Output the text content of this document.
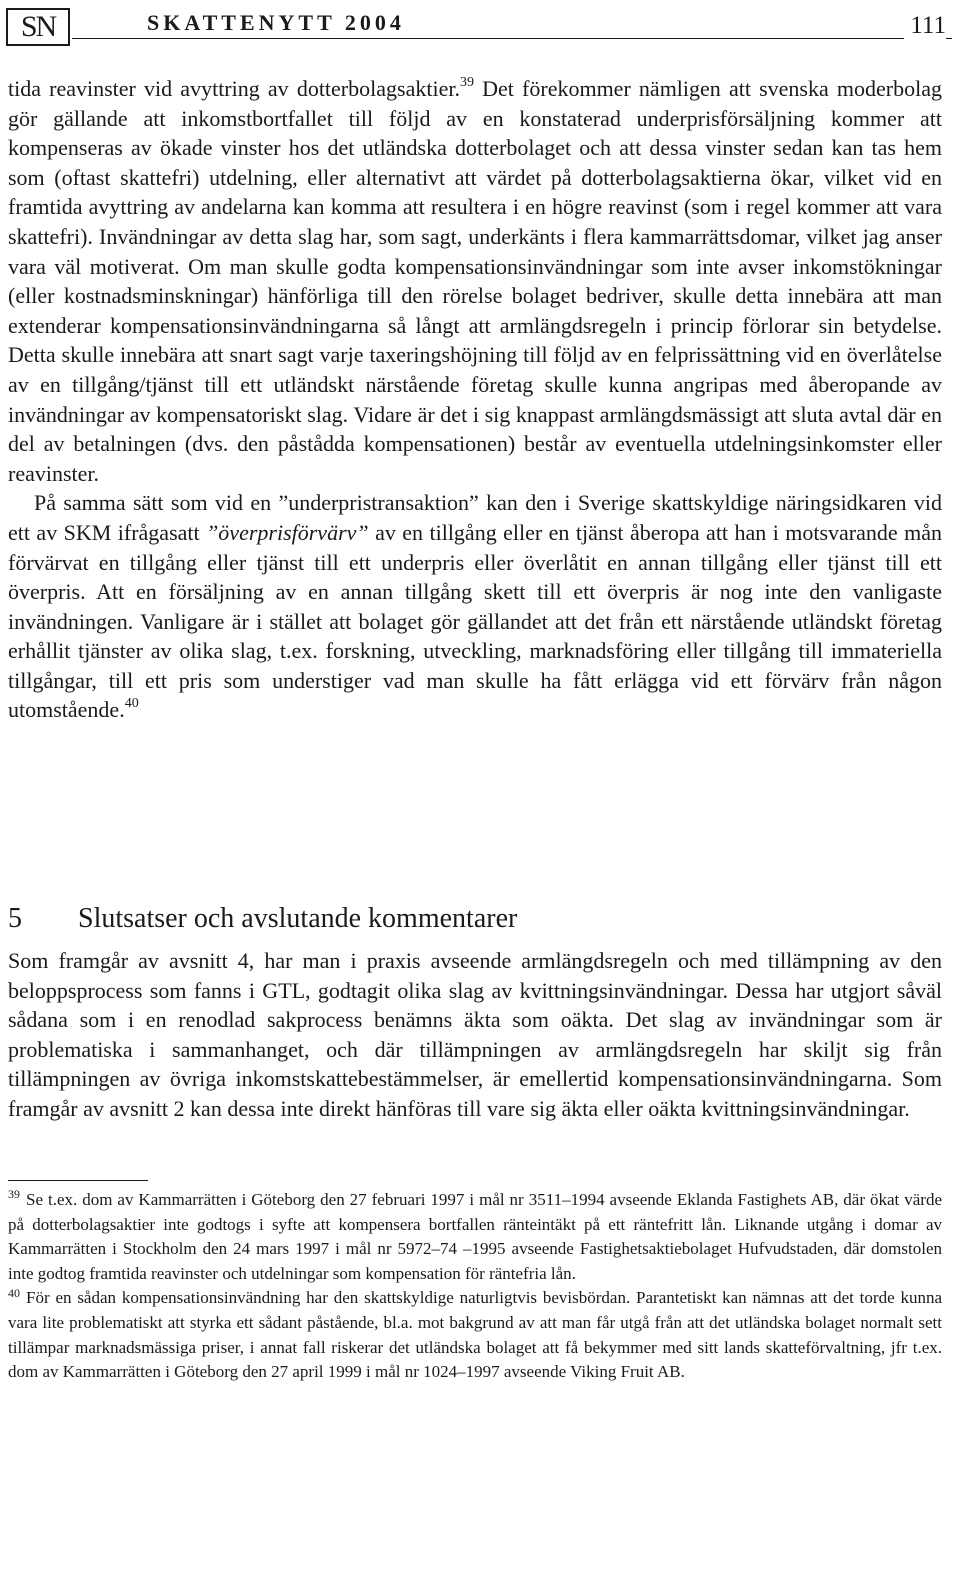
SN	SKATTENYTT 2004	111

tida reavinster vid avyttring av dotterbolagsaktier.$^{39}$ Det förekommer nämligen att svenska moderbolag gör gällande att inkomstbortfallet till följd av en konstaterad underprisförsäljning kommer att kompenseras av ökade vinster hos det utländska dotterbolaget och att dessa vinster sedan kan tas hem som (oftast skattefri) utdelning, eller alternativt att värdet på dotterbolagsaktierna ökar, vilket vid en framtida avyttring av andelarna kan komma att resultera i en högre reavinst (som i regel kommer att vara skattefri). Invändningar av detta slag har, som sagt, underkänts i flera kammarrättsdomar, vilket jag anser vara väl motiverat. Om man skulle godta kompensationsinvändningar som inte avser inkomstökningar (eller kostnadsminskningar) hänförliga till den rörelse bolaget bedriver, skulle detta innebära att man extenderar kompensationsinvändningarna så långt att armlängdsregeln i princip förlorar sin betydelse. Detta skulle innebära att snart sagt varje taxeringshöjning till följd av en felprissättning vid en överlåtelse av en tillgång/tjänst till ett utländskt närstående företag skulle kunna angripas med åberopande av invändningar av kompensatoriskt slag. Vidare är det i sig knappast armlängdsmässigt att sluta avtal där en del av betalningen (dvs. den påstådda kompensationen) består av eventuella utdelningsinkomster eller reavinster.

På samma sätt som vid en ”underpristransaktion” kan den i Sverige skattskyldige näringsidkaren vid ett av SKM ifrågasatt ”överprisförvärv” av en tillgång eller en tjänst åberopa att han i motsvarande mån förvärvat en tillgång eller tjänst till ett underpris eller överlåtit en annan tillgång eller tjänst till ett överpris. Att en försäljning av en annan tillgång skett till ett överpris är nog inte den vanligaste invändningen. Vanligare är i stället att bolaget gör gällandet att det från ett närstående utländskt företag erhållit tjänster av olika slag, t.ex. forskning, utveckling, marknadsföring eller tillgång till immateriella tillgångar, till ett pris som understiger vad man skulle ha fått erlägga vid ett förvärv från någon utomstående.$^{40}$

5 Slutsatser och avslutande kommentarer

Som framgår av avsnitt 4, har man i praxis avseende armlängdsregeln och med tillämpning av den beloppsprocess som fanns i GTL, godtagit olika slag av kvittningsinvändningar. Dessa har utgjort såväl sådana som i en renodlad sakprocess benämns äkta som oäkta. Det slag av invändningar som är problematiska i sammanhanget, och där tillämpningen av armlängdsregeln har skiljt sig från tillämpningen av övriga inkomstskattebestämmelser, är emellertid kompensationsinvändningarna. Som framgår av avsnitt 2 kan dessa inte direkt hänföras till vare sig äkta eller oäkta kvittningsinvändningar.

$^{39}$ Se t.ex. dom av Kammarrätten i Göteborg den 27 februari 1997 i mål nr 3511–1994 avseende Eklanda Fastighets AB, där ökat värde på dotterbolagsaktier inte godtogs i syfte att kompensera bortfallen ränteintäkt på ett räntefritt lån. Liknande utgång i domar av Kammarrätten i Stockholm den 24 mars 1997 i mål nr 5972–74 –1995 avseende Fastighetsaktiebolaget Hufvudstaden, där domstolen inte godtog framtida reavinster och utdelningar som kompensation för räntefria lån.

$^{40}$ För en sådan kompensationsinvändning har den skattskyldige naturligtvis bevisbördan. Parantetiskt kan nämnas att det torde kunna vara lite problematiskt att styrka ett sådant påstående, bl.a. mot bakgrund av att man får utgå från att det utländska bolaget normalt sett tillämpar marknadsmässiga priser, i annat fall riskerar det utländska bolaget att få bekymmer med sitt lands skatteförvaltning, jfr t.ex. dom av Kammarrätten i Göteborg den 27 april 1999 i mål nr 1024–1997 avseende Viking Fruit AB.
